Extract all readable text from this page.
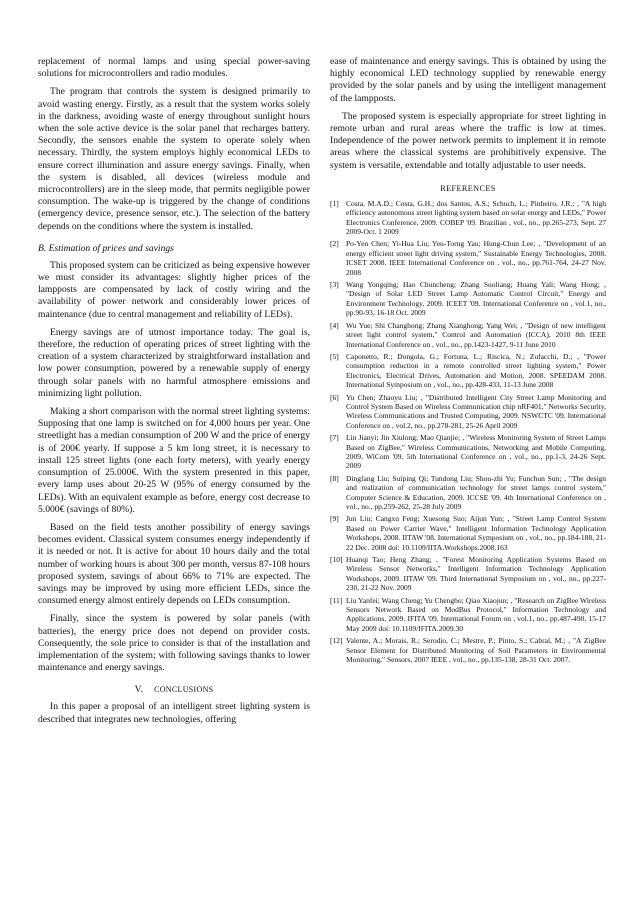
replacement of normal lamps and using special power-saving solutions for microcontrollers and radio modules.

The program that controls the system is designed primarily to avoid wasting energy. Firstly, as a result that the system works solely in the darkness, avoiding waste of energy throughout sunlight hours when the sole active device is the solar panel that recharges battery. Secondly, the sensors enable the system to operate solely when necessary. Thirdly, the system employs highly economical LEDs to ensure correct illumination and assure energy savings. Finally, when the system is disabled, all devices (wireless module and microcontrollers) are in the sleep mode, that permits negligible power consumption. The wake-up is triggered by the change of conditions (emergency device, presence sensor, etc.). The selection of the battery depends on the conditions where the system is installed.

B. Estimation of prices and savings

This proposed system can be criticized as being expensive however we must consider its advantages: slightly higher prices of the lampposts are compensated by lack of costly wiring and the availability of power network and considerably lower prices of maintenance (due to central management and reliability of LEDs).

Energy savings are of utmost importance today. The goal is, therefore, the reduction of operating prices of street lighting with the creation of a system characterized by straightforward installation and low power consumption, powered by a renewable supply of energy through solar panels with no harmful atmosphere emissions and minimizing light pollution.

Making a short comparison with the normal street lighting systems: Supposing that one lamp is switched on for 4,000 hours per year. One streetlight has a median consumption of 200 W and the price of energy is of 200€ yearly. If suppose a 5 km long street, it is necessary to install 125 street lights (one each forty meters), with yearly energy consumption of 25.000€. With the system presented in this paper, every lamp uses about 20-25 W (95% of energy consumed by the LEDs). With an equivalent example as before, energy cost decrease to 5.000€ (savings of 80%).

Based on the field tests another possibility of energy savings becomes evident. Classical system consumes energy independently if it is needed or not. It is active for about 10 hours daily and the total number of working hours is about 300 per month, versus 87-108 hours proposed system, savings of about 66% to 71% are expected. The savings may be improved by using more efficient LEDs, since the consumed energy almost entirely depends on LEDs consumption.

Finally, since the system is powered by solar panels (with batteries), the energy price does not depend on provider costs. Consequently, the sole price to consider is that of the installation and implementation of the system; with following savings thanks to lower maintenance and energy savings.

V. CONCLUSIONS

In this paper a proposal of an intelligent street lighting system is described that integrates new technologies, offering

ease of maintenance and energy savings. This is obtained by using the highly economical LED technology supplied by renewable energy provided by the solar panels and by using the intelligent management of the lampposts.

The proposed system is especially appropriate for street lighting in remote urban and rural areas where the traffic is low at times. Independence of the power network permits to implement it in remote areas where the classical systems are prohibitively expensive. The system is versatile, extendable and totally adjustable to user needs.

REFERENCES
[1] Costa, M.A.D.; Costa, G.H.; dos Santos, A.S.; Schuch, L.; Pinheiro, J.R.; , "A high efficiency autonomous street lighting system based on solar energy and LEDs," Power Electronics Conference, 2009. COBEP '09. Brazilian , vol., no., pp.265-273, Sept. 27 2009-Oct. 1 2009
[2] Po-Yen Chen; Yi-Hua Liu; Yeu-Torng Yau; Hung-Chun Lee; , "Development of an energy efficient street light driving system," Sustainable Energy Technologies, 2008. ICSET 2008. IEEE International Conference on , vol., no., pp.761-764, 24-27 Nov. 2008
[3] Wang Yongqing; Hao Chuncheng; Zhang Suoliang; Huang Yali; Wang Hong; , "Design of Solar LED Street Lamp Automatic Control Circuit," Energy and Environment Technology, 2009. ICEET '09. International Conference on , vol.1, no., pp.90-93, 16-18 Oct. 2009
[4] Wu Yue; Shi Changhong; Zhang Xianghong; Yang Wei; , "Design of new intelligent street light control system," Control and Automation (ICCA), 2010 8th IEEE International Conference on , vol., no., pp.1423-1427, 9-11 June 2010
[5] Caponetto, R.; Dongola, G.; Fortuna, L.; Riscica, N.; Zufacchi, D.; , "Power consumption reduction in a remote controlled street lighting system," Power Electronics, Electrical Drives, Automation and Motion, 2008. SPEEDAM 2008. International Symposium on , vol., no., pp.428-433, 11-13 June 2008
[6] Yu Chen; Zhaoyu Liu; , "Distributed Intelligent City Street Lamp Monitoring and Control System Based on Wireless Communication chip nRF401," Networks Security, Wireless Communications and Trusted Computing, 2009. NSWCTC '09. International Conference on , vol.2, no., pp.278-281, 25-26 April 2009
[7] Lin Jianyi; Jin Xiulong; Mao Qianjie; , "Wireless Monitoring System of Street Lamps Based on ZigBee," Wireless Communications, Networking and Mobile Computing, 2009. WiCom '09. 5th International Conference on , vol., no., pp.1-3, 24-26 Sept. 2009
[8] Dingfang Liu; Suiping Qi; Tundong Liu; Shou-zhi Yu; Funchun Sun; , "The design and realization of communication technology for street lamps control system," Computer Science & Education, 2009. ICCSE '09. 4th International Conference on , vol., no., pp.259-262, 25-28 July 2009
[9] Jun Liu; Cangxu Feng; Xuesong Suo; Aijun Yun; , "Street Lamp Control System Based on Power Carrier Wave," Intelligent Information Technology Application Workshops, 2008. IITAW '08. International Symposium on , vol., no., pp.184-188, 21-22 Dec. 2008 doi: 10.1109/IITA.Workshops.2008.163
[10] Huanqi Tao; Heng Zhang; , "Forest Monitoring Application Systems Based on Wireless Sensor Networks," Intelligent Information Technology Application Workshops, 2009. IITAW '09. Third International Symposium on , vol., no., pp.227-230, 21-22 Nov. 2009
[11] Liu Yanfei; Wang Cheng; Yu Chengbo; Qiao Xiaojun; , "Research on ZigBee Wireless Sensors Network Based on ModBus Protocol," Information Technology and Applications, 2009. IFITA '09. International Forum on , vol.1, no., pp.487-490, 15-17 May 2009 doi: 10.1109/IFITA.2009.30
[12] Valente, A.; Morais, R.; Serodio, C.; Mestre, P.; Pinto, S.; Cabral, M.; , "A ZigBee Sensor Element for Distributed Monitoring of Soil Parameters in Environmental Monitoring," Sensors, 2007 IEEE , vol., no., pp.135-138, 28-31 Oct. 2007.
